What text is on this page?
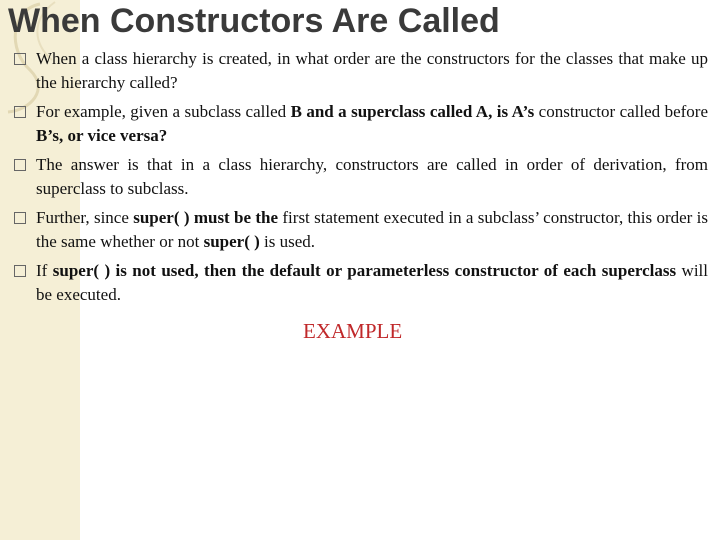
When Constructors Are Called
When a class hierarchy is created, in what order are the constructors for the classes that make up the hierarchy called?
For example, given a subclass called B and a superclass called A, is A’s constructor called before B’s, or vice versa?
The answer is that in a class hierarchy, constructors are called in order of derivation, from superclass to subclass.
Further, since super( ) must be the first statement executed in a subclass’ constructor, this order is the same whether or not super( ) is used.
If super( ) is not used, then the default or parameterless constructor of each superclass will be executed.
EXAMPLE
